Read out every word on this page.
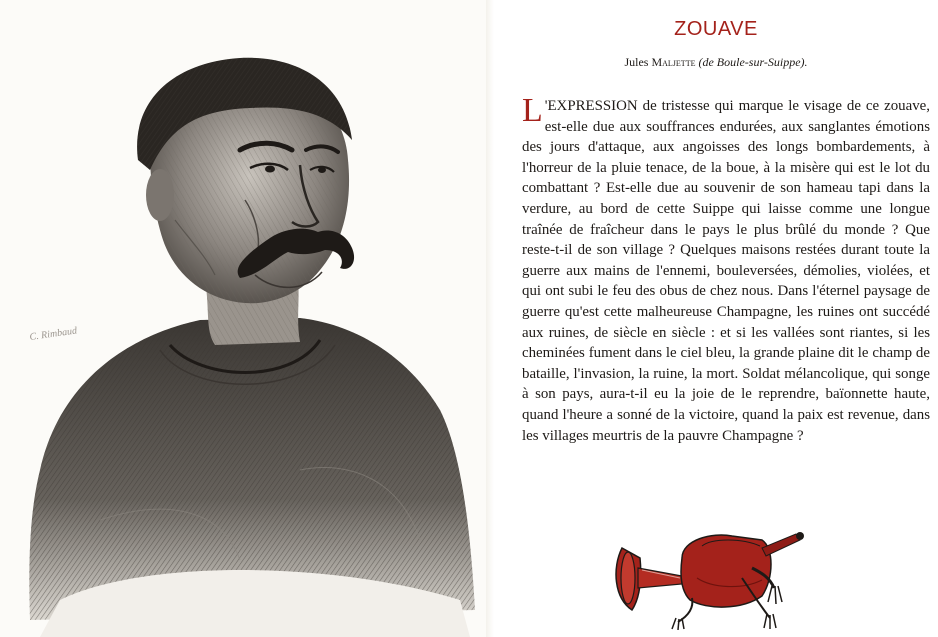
C. Rimbaud
ZOUAVE
Jules Maljette (de Boule-sur-Suippe).

L 'EXPRESSION de tristesse qui marque le visage de ce zouave, est-elle due aux souffrances endurées, aux sanglantes émotions des jours d'attaque, aux angoisses des longs bombardements, à l'horreur de la pluie tenace, de la boue, à la misère qui est le lot du combattant ? Est-elle due au souvenir de son hameau tapi dans la verdure, au bord de cette Suippe qui laisse comme une longue traînée de fraîcheur dans le pays le plus brûlé du monde ? Que reste-t-il de son village ? Quelques maisons restées durant toute la guerre aux mains de l'ennemi, bouleversées, démolies, violées, et qui ont subi le feu des obus de chez nous. Dans l'éternel paysage de guerre qu'est cette malheureuse Champagne, les ruines ont succédé aux ruines, de siècle en siècle : et si les vallées sont riantes, si les cheminées fument dans le ciel bleu, la grande plaine dit le champ de bataille, l'invasion, la ruine, la mort. Soldat mélancolique, qui songe à son pays, aura-t-il eu la joie de le reprendre, baïonnette haute, quand l'heure a sonné de la victoire, quand la paix est revenue, dans les villages meurtris de la pauvre Champagne ?
